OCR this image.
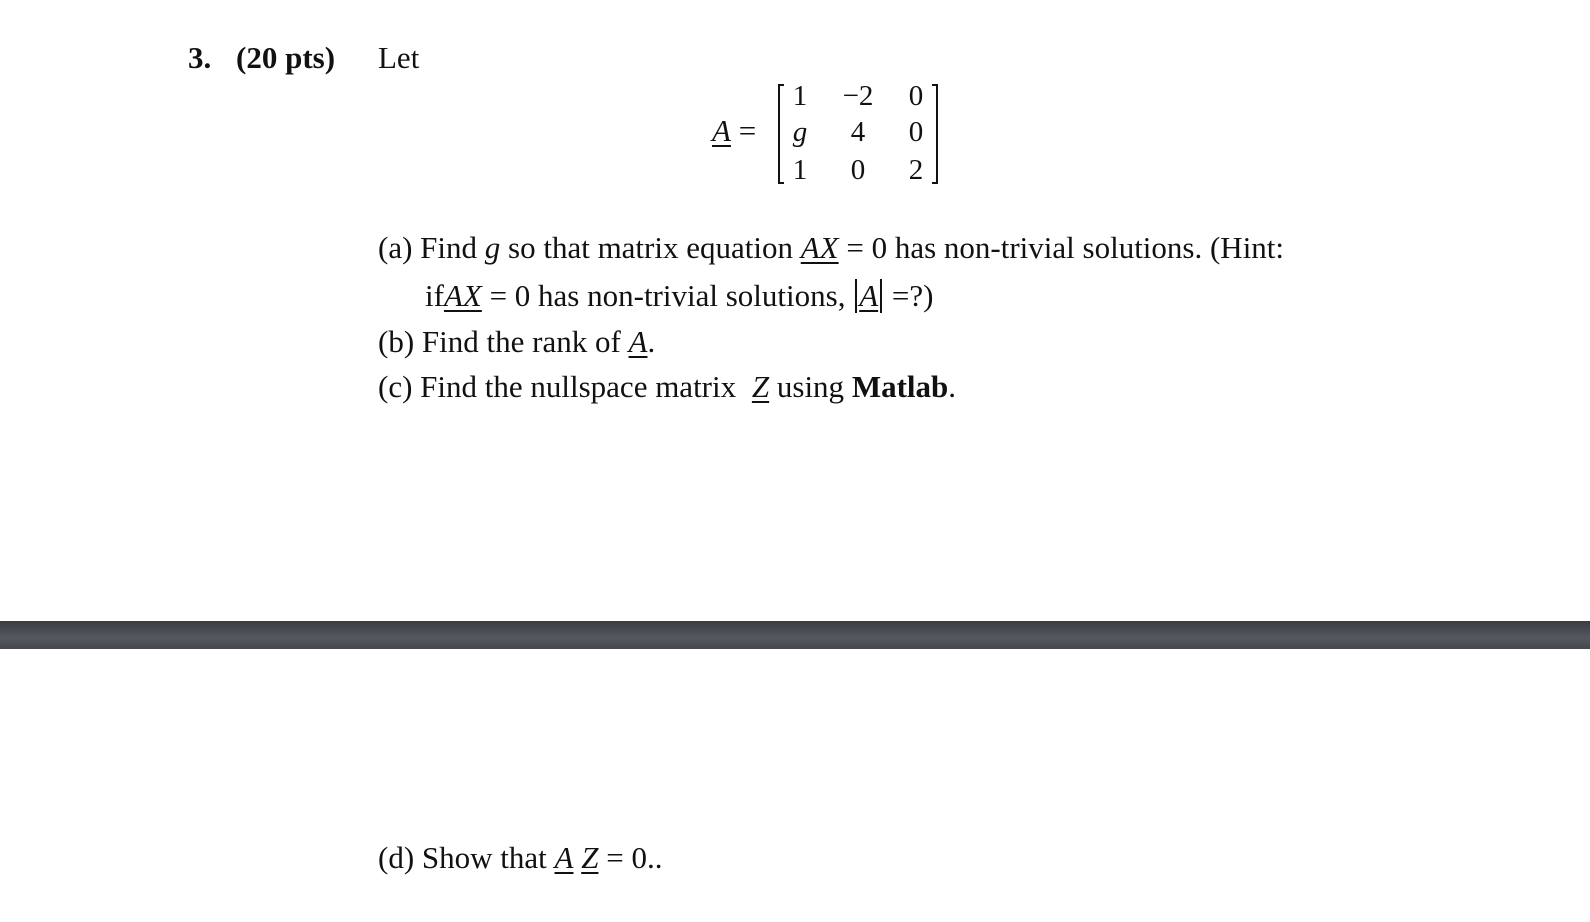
3. (20 pts) Let
A =
1	−2	0
g	4	0
1	0	2
(a) Find g so that matrix equation AX = 0 has non-trivial solutions. (Hint:
ifAX = 0 has non-trivial solutions, A =?)
(b) Find the rank of A.
(c) Find the nullspace matrix Z using Matlab.
(d) Show that A Z = 0..
